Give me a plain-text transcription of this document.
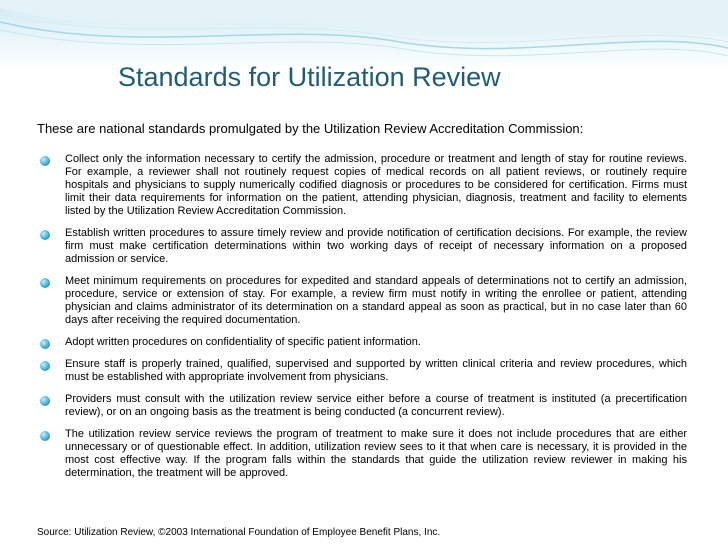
Standards for Utilization Review
These are national standards promulgated by the Utilization Review Accreditation Commission:
Collect only the information necessary to certify the admission, procedure or treatment and length of stay for routine reviews. For example, a reviewer shall not routinely request copies of medical records on all patient reviews, or routinely require hospitals and physicians to supply numerically codified diagnosis or procedures to be considered for certification. Firms must limit their data requirements for information on the patient, attending physician, diagnosis, treatment and facility to elements listed by the Utilization Review Accreditation Commission.
Establish written procedures to assure timely review and provide notification of certification decisions. For example, the review firm must make certification determinations within two working days of receipt of necessary information on a proposed admission or service.
Meet minimum requirements on procedures for expedited and standard appeals of determinations not to certify an admission, procedure, service or extension of stay. For example, a review firm must notify in writing the enrollee or patient, attending physician and claims administrator of its determination on a standard appeal as soon as practical, but in no case later than 60 days after receiving the required documentation.
Adopt written procedures on confidentiality of specific patient information.
Ensure staff is properly trained, qualified, supervised and supported by written clinical criteria and review procedures, which must be established with appropriate involvement from physicians.
Providers must consult with the utilization review service either before a course of treatment is instituted (a precertification review), or on an ongoing basis as the treatment is being conducted (a concurrent review).
The utilization review service reviews the program of treatment to make sure it does not include procedures that are either unnecessary or of questionable effect. In addition, utilization review sees to it that when care is necessary, it is provided in the most cost effective way. If the program falls within the standards that guide the utilization review reviewer in making his determination, the treatment will be approved.
Source: Utilization Review, ©2003 International Foundation of Employee Benefit Plans, Inc.
